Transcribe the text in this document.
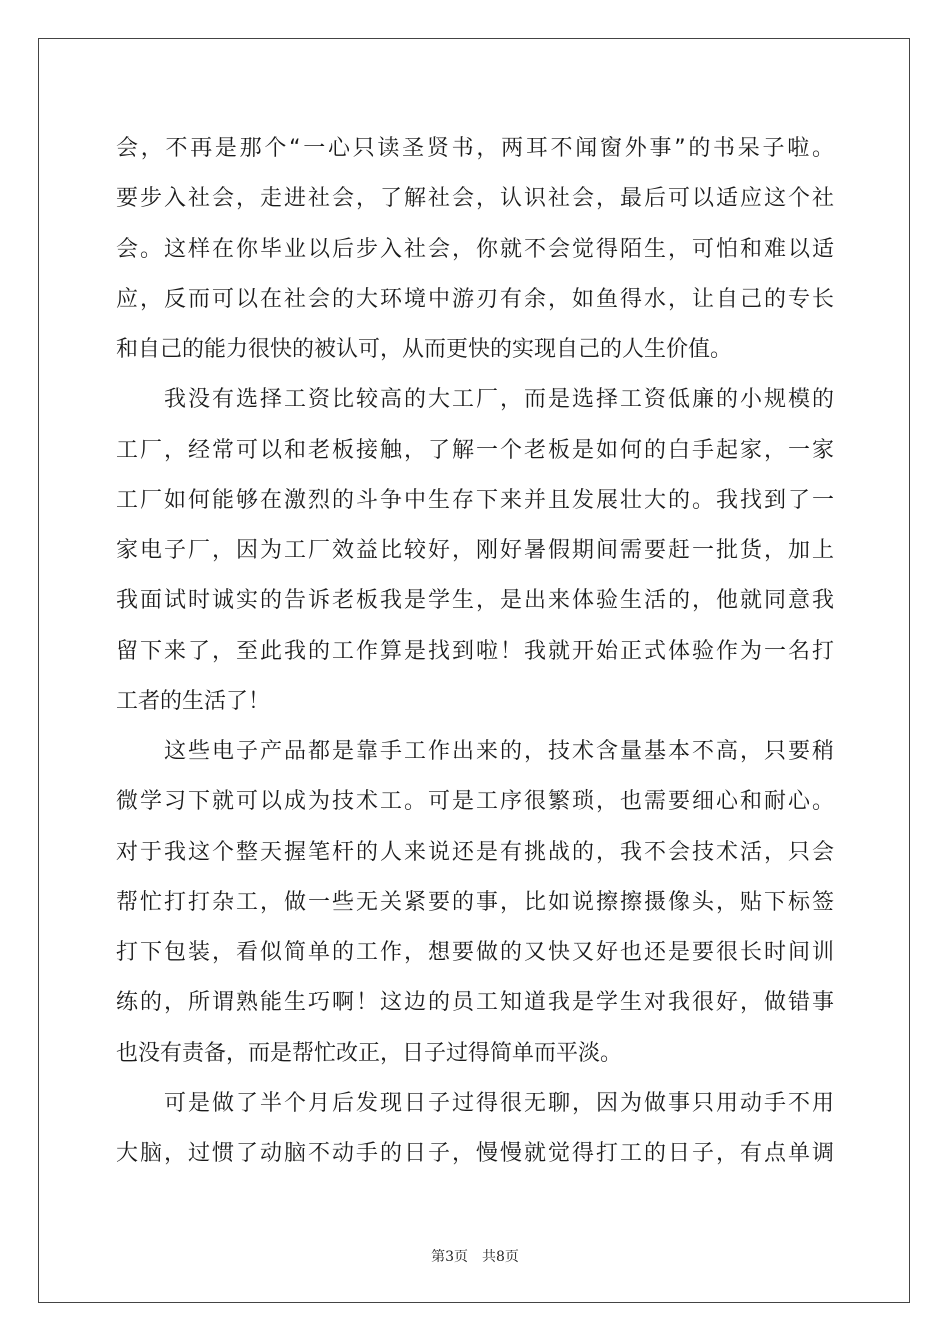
会，不再是那个“一心只读圣贤书，两耳不闻窗外事”的书呆子啦。
要步入社会，走进社会，了解社会，认识社会，最后可以适应这个社
会。这样在你毕业以后步入社会，你就不会觉得陌生，可怕和难以适
应，反而可以在社会的大环境中游刃有余，如鱼得水，让自己的专长
和自己的能力很快的被认可，从而更快的实现自己的人生价值。
我没有选择工资比较高的大工厂，而是选择工资低廉的小规模的
工厂，经常可以和老板接触，了解一个老板是如何的白手起家，一家
工厂如何能够在激烈的斗争中生存下来并且发展壮大的。我找到了一
家电子厂，因为工厂效益比较好，刚好暑假期间需要赶一批货，加上
我面试时诚实的告诉老板我是学生，是出来体验生活的，他就同意我
留下来了，至此我的工作算是找到啦！我就开始正式体验作为一名打
工者的生活了！
这些电子产品都是靠手工作出来的，技术含量基本不高，只要稍
微学习下就可以成为技术工。可是工序很繁琐，也需要细心和耐心。
对于我这个整天握笔杆的人来说还是有挑战的，我不会技术活，只会
帮忙打打杂工，做一些无关紧要的事，比如说擦擦摄像头，贴下标签
打下包装，看似简单的工作，想要做的又快又好也还是要很长时间训
练的，所谓熟能生巧啊！这边的员工知道我是学生对我很好，做错事
也没有责备，而是帮忙改正，日子过得简单而平淡。
可是做了半个月后发现日子过得很无聊，因为做事只用动手不用
大脑，过惯了动脑不动手的日子，慢慢就觉得打工的日子，有点单调
第3页 共8页
